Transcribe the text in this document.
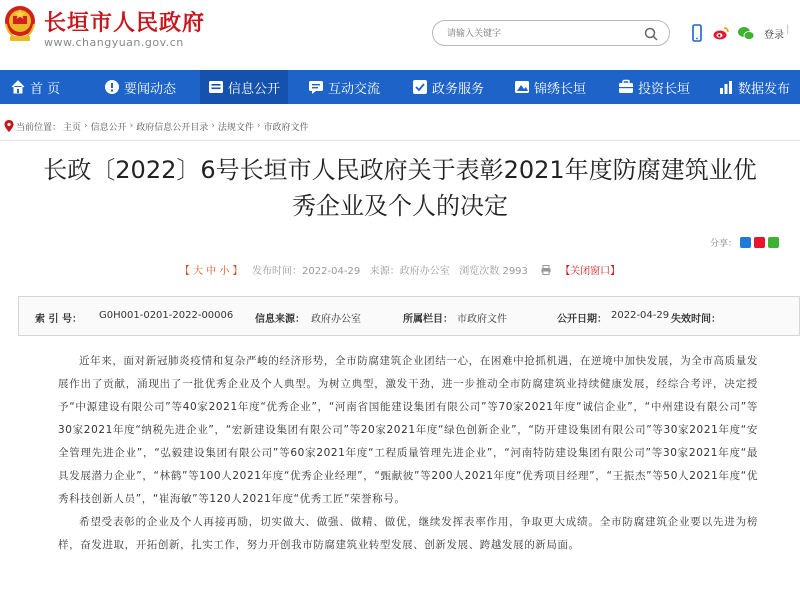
长垣市人民政府
www.changyuan.gov.cn
请输入关键字
登录
|
首 页	要闻动态	信息公开	互动交流	政务服务	锦绣长垣	投资长垣	数据发布
当前位置： 主页 › 信息公开 › 政府信息公开目录 › 法规文件 › 市政府文件
长政〔2022〕6号长垣市人民政府关于表彰2021年度防腐建筑业优
秀企业及个人的决定
分享：
【 大 中 小 】 发布时间：2022-04-29 来源：政府办公室 浏览次数 2993	【关闭窗口】
索 引 号： G0H001-0201-2022-00006 信息来源： 政府办公室	所属栏目： 市政府文件	公开日期： 2022-04-29 失效时间：

近年来，面对新冠肺炎疫情和复杂严峻的经济形势，全市防腐建筑企业团结一心，在困难中抢抓机遇，在逆境中加快发展，为全市高质量发展作出了贡献，涌现出了一批优秀企业及个人典型。为树立典型，激发干劲，进一步推动全市防腐建筑业持续健康发展，经综合考评，决定授予“中源建设有限公司”等40家2021年度“优秀企业”，“河南省国能建设集团有限公司”等70家2021年度“诚信企业”，“中州建设有限公司”等30家2021年度“纳税先进企业”，“宏新建设集团有限公司”等20家2021年度“绿色创新企业”，“防开建设集团有限公司”等30家2021年度“安全管理先进企业”，“弘毅建设集团有限公司”等60家2021年度“工程质量管理先进企业”，“河南特防建设集团有限公司”等30家2021年度“最具发展潜力企业”，“林鹤”等100人2021年度“优秀企业经理”，“甄献彼”等200人2021年度“优秀项目经理”，“王振杰”等50人2021年度“优秀科技创新人员”，“崔海敏”等120人2021年度“优秀工匠”荣誉称号。

希望受表彰的企业及个人再接再励，切实做大、做强、做精、做优，继续发挥表率作用，争取更大成绩。全市防腐建筑企业要以先进为榜样，奋发进取，开拓创新，扎实工作，努力开创我市防腐建筑业转型发展、创新发展、跨越发展的新局面。
